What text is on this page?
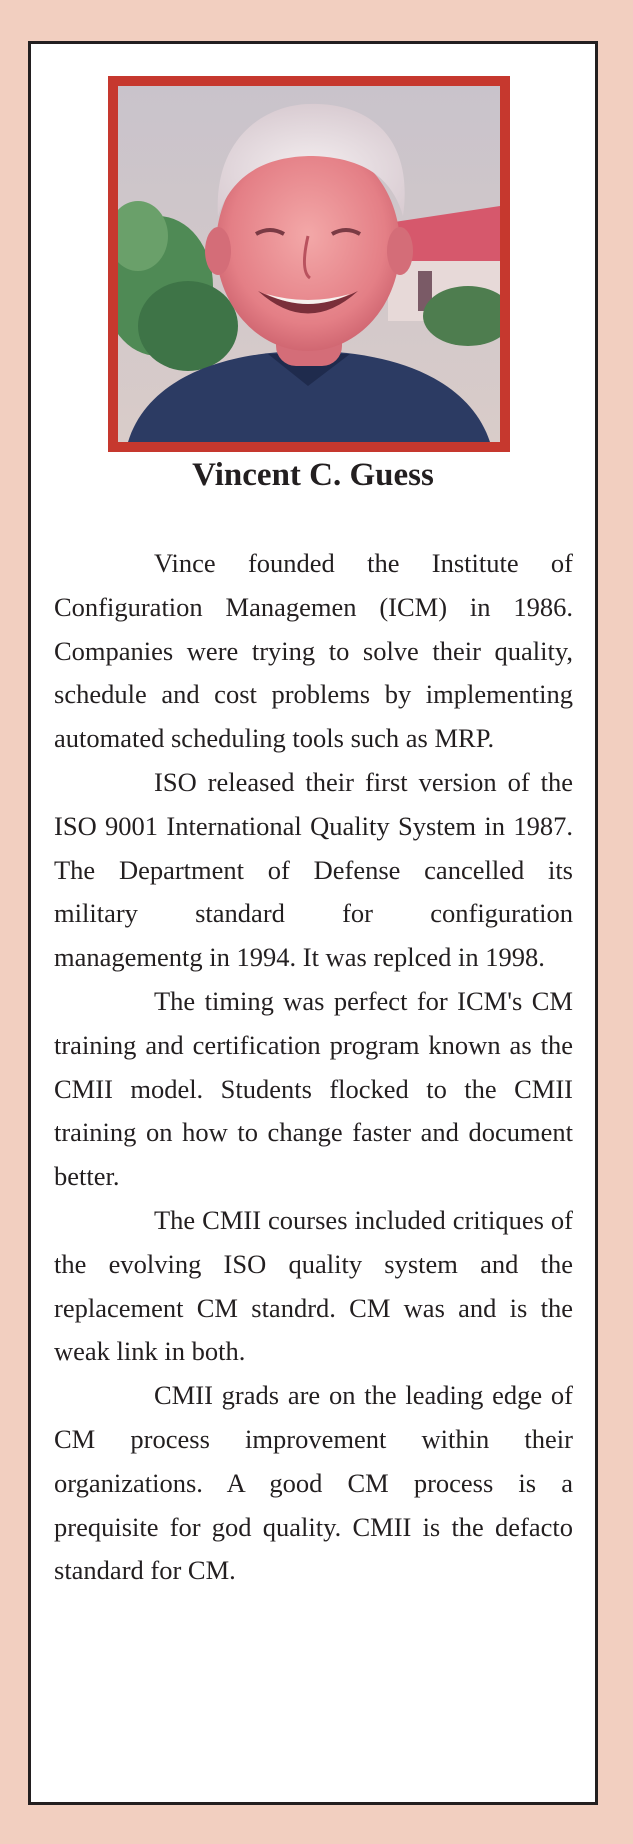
Vincent C. Guess

Vince founded the Institute of Configuration Managemen (ICM) in 1986. Companies were trying to solve their quality, schedule and cost problems by implementing automated scheduling tools such as MRP.

ISO released their first version of the ISO 9001 International Quality System in 1987. The Department of Defense cancelled its military standard for configuration managementg in 1994. It was replced in 1998.

The timing was perfect for ICM's CM training and certification program known as the CMII model. Students flocked to the CMII training on how to change faster and document better.

The CMII courses included critiques of the evolving ISO quality system and the replacement CM standrd. CM was and is the weak link in both.

CMII grads are on the leading edge of CM process improvement within their organizations. A good CM process is a prequisite for god quality. CMII is the defacto standard for CM.
